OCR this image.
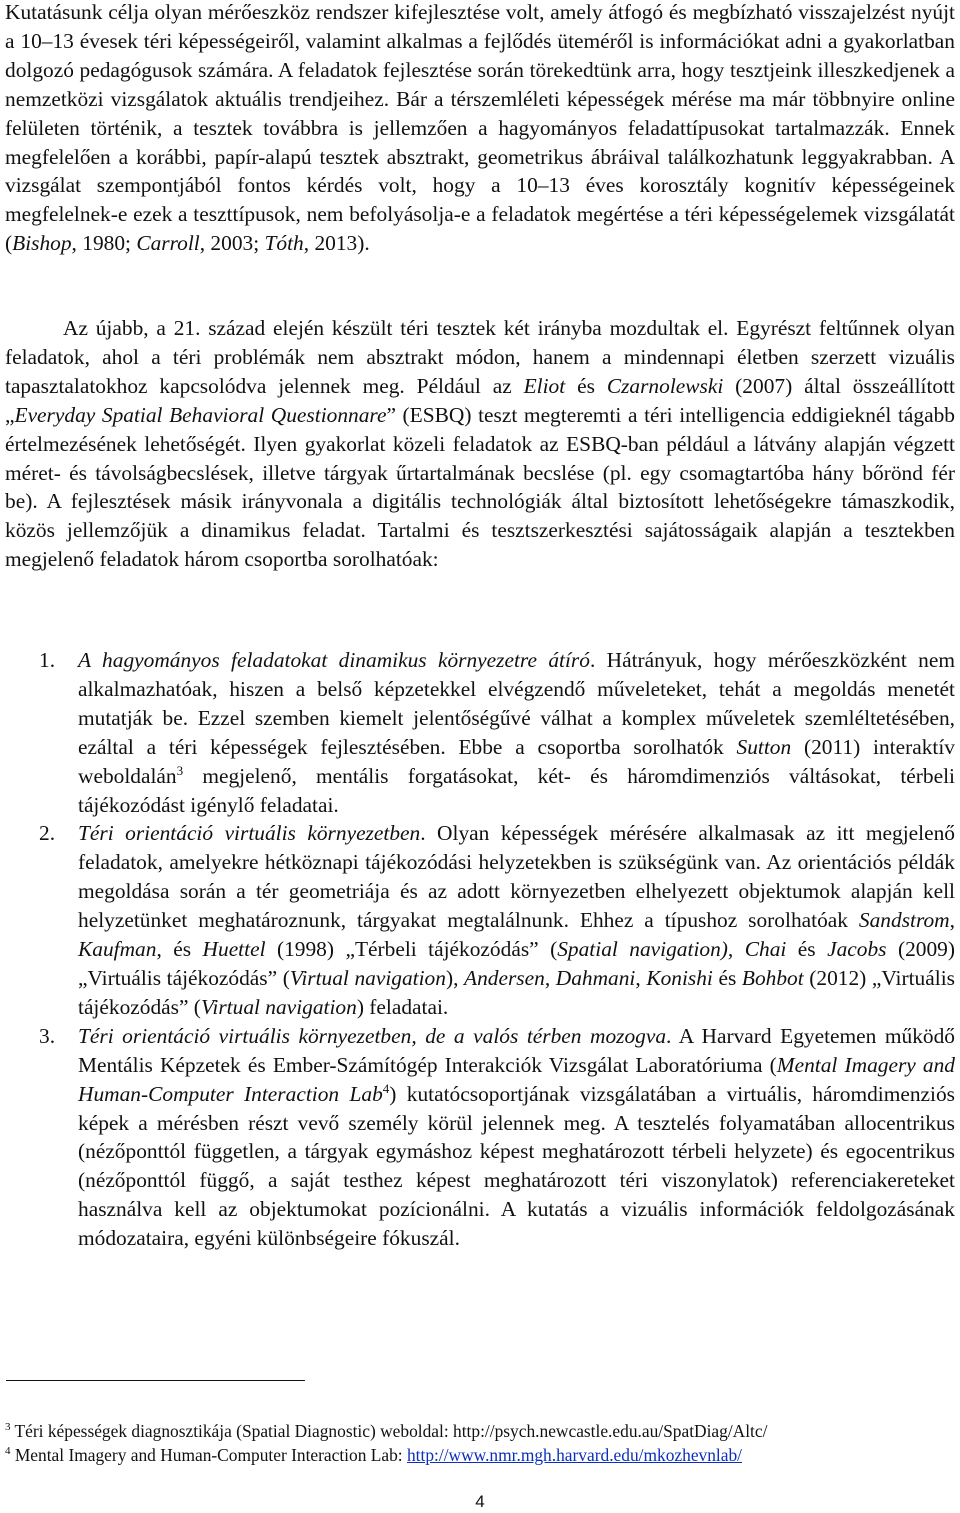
Kutatásunk célja olyan mérőeszköz rendszer kifejlesztése volt, amely átfogó és megbízható visszajelzést nyújt a 10–13 évesek téri képességeiről, valamint alkalmas a fejlődés üteméről is információkat adni a gyakorlatban dolgozó pedagógusok számára. A feladatok fejlesztése során törekedtünk arra, hogy tesztjeink illeszkedjenek a nemzetközi vizsgálatok aktuális trendjeihez. Bár a térszemléleti képességek mérése ma már többnyire online felületen történik, a tesztek továbbra is jellemzően a hagyományos feladattípusokat tartalmazzák. Ennek megfelelően a korábbi, papír-alapú tesztek absztrakt, geometrikus ábráival találkozhatunk leggyakrabban. A vizsgálat szempontjából fontos kérdés volt, hogy a 10–13 éves korosztály kognitív képességeinek megfelelnek-e ezek a teszttípusok, nem befolyásolja-e a feladatok megértése a téri képességelemek vizsgálatát (Bishop, 1980; Carroll, 2003; Tóth, 2013).

Az újabb, a 21. század elején készült téri tesztek két irányba mozdultak el. Egyrészt feltűnnek olyan feladatok, ahol a téri problémák nem absztrakt módon, hanem a mindennapi életben szerzett vizuális tapasztalatokhoz kapcsolódva jelennek meg. Például az Eliot és Czarnolewski (2007) által összeállított „Everyday Spatial Behavioral Questionnare” (ESBQ) teszt megteremti a téri intelligencia eddigieknél tágabb értelmezésének lehetőségét. Ilyen gyakorlat közeli feladatok az ESBQ-ban például a látvány alapján végzett méret- és távolságbecslések, illetve tárgyak űrtartalmának becslése (pl. egy csomagtartóba hány bőrönd fér be). A fejlesztések másik irányvonala a digitális technológiák által biztosított lehetőségekre támaszkodik, közös jellemzőjük a dinamikus feladat. Tartalmi és tesztszerkesztési sajátosságaik alapján a tesztekben megjelenő feladatok három csoportba sorolhatóak:

1. A hagyományos feladatokat dinamikus környezetre átíró. Hátrányuk, hogy mérőeszközként nem alkalmazhatóak, hiszen a belső képzetekkel elvégzendő műveleteket, tehát a megoldás menetét mutatják be. Ezzel szemben kiemelt jelentőségűvé válhat a komplex műveletek szemléltetésében, ezáltal a téri képességek fejlesztésében. Ebbe a csoportba sorolhatók Sutton (2011) interaktív weboldalán$^3$ megjelenő, mentális forgatásokat, két- és háromdimenziós váltásokat, térbeli tájékozódást igénylő feladatai.
2. Téri orientáció virtuális környezetben. Olyan képességek mérésére alkalmasak az itt megjelenő feladatok, amelyekre hétköznapi tájékozódási helyzetekben is szükségünk van. Az orientációs példák megoldása során a tér geometriája és az adott környezetben elhelyezett objektumok alapján kell helyzetünket meghatároznunk, tárgyakat megtalálnunk. Ehhez a típushoz sorolhatóak Sandstrom, Kaufman, és Huettel (1998) „Térbeli tájékozódás” (Spatial navigation), Chai és Jacobs (2009) „Virtuális tájékozódás” (Virtual navigation), Andersen, Dahmani, Konishi és Bohbot (2012) „Virtuális tájékozódás” (Virtual navigation) feladatai.
3. Téri orientáció virtuális környezetben, de a valós térben mozogva. A Harvard Egyetemen működő Mentális Képzetek és Ember-Számítógép Interakciók Vizsgálat Laboratóriuma (Mental Imagery and Human-Computer Interaction Lab$^4$) kutatócsoportjának vizsgálatában a virtuális, háromdimenziós képek a mérésben részt vevő személy körül jelennek meg. A tesztelés folyamatában allocentrikus (nézőponttól független, a tárgyak egymáshoz képest meghatározott térbeli helyzete) és egocentrikus (nézőponttól függő, a saját testhez képest meghatározott téri viszonylatok) referenciakereteket használva kell az objektumokat pozícionálni. A kutatás a vizuális információk feldolgozásának módozataira, egyéni különbségeire fókuszál.
$^3$ Téri képességek diagnosztikája (Spatial Diagnostic) weboldal: http://psych.newcastle.edu.au/SpatDiag/Altc/
$^4$ Mental Imagery and Human-Computer Interaction Lab: http://www.nmr.mgh.harvard.edu/mkozhevnlab/
4
